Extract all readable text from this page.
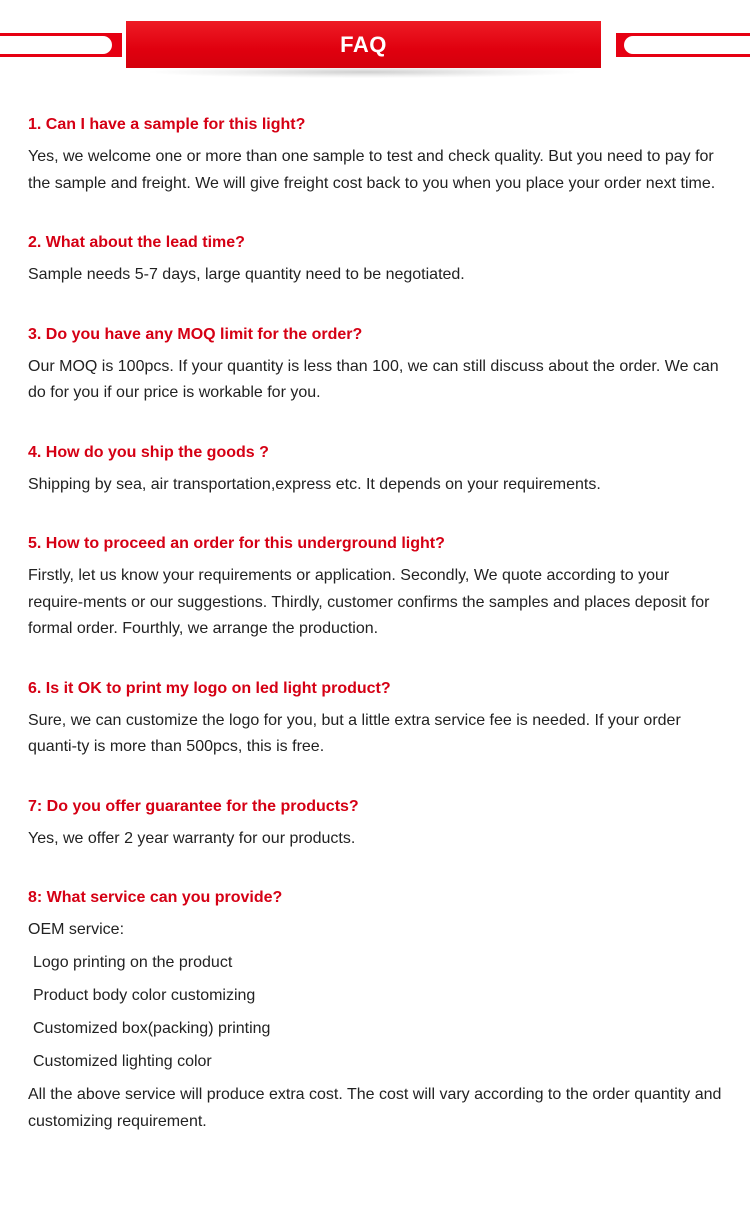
FAQ
1. Can I have a sample for this light?

Yes, we welcome one or more than one sample to test and check quality. But you need to pay for the sample and freight. We will give freight cost back to you when you place your order next time.

2. What about the lead time?

Sample needs 5-7 days, large quantity need to be negotiated.

3. Do you have any MOQ limit for the order?

Our MOQ is 100pcs. If your quantity is less than 100, we can still discuss about the order. We can do for you if our price is workable for you.

4. How do you ship the goods ?

Shipping by sea, air transportation,express etc. It depends on your requirements.

5. How to proceed an order for this underground light?

Firstly, let us know your requirements or application. Secondly, We quote according to your require-ments or our suggestions. Thirdly, customer confirms the samples and places deposit for formal order. Fourthly, we arrange the production.

6. Is it OK to print my logo on led light product?

Sure, we can customize the logo for you, but a little extra service fee is needed. If your order quanti-ty is more than 500pcs, this is free.

7: Do you offer guarantee for the products?

Yes, we offer 2 year warranty for our products.

8: What service can you provide?
OEM service:
Logo printing on the product
Product body color customizing
Customized box(packing) printing
Customized lighting color
All the above service will produce extra cost. The cost will vary according to the order quantity and customizing requirement.
